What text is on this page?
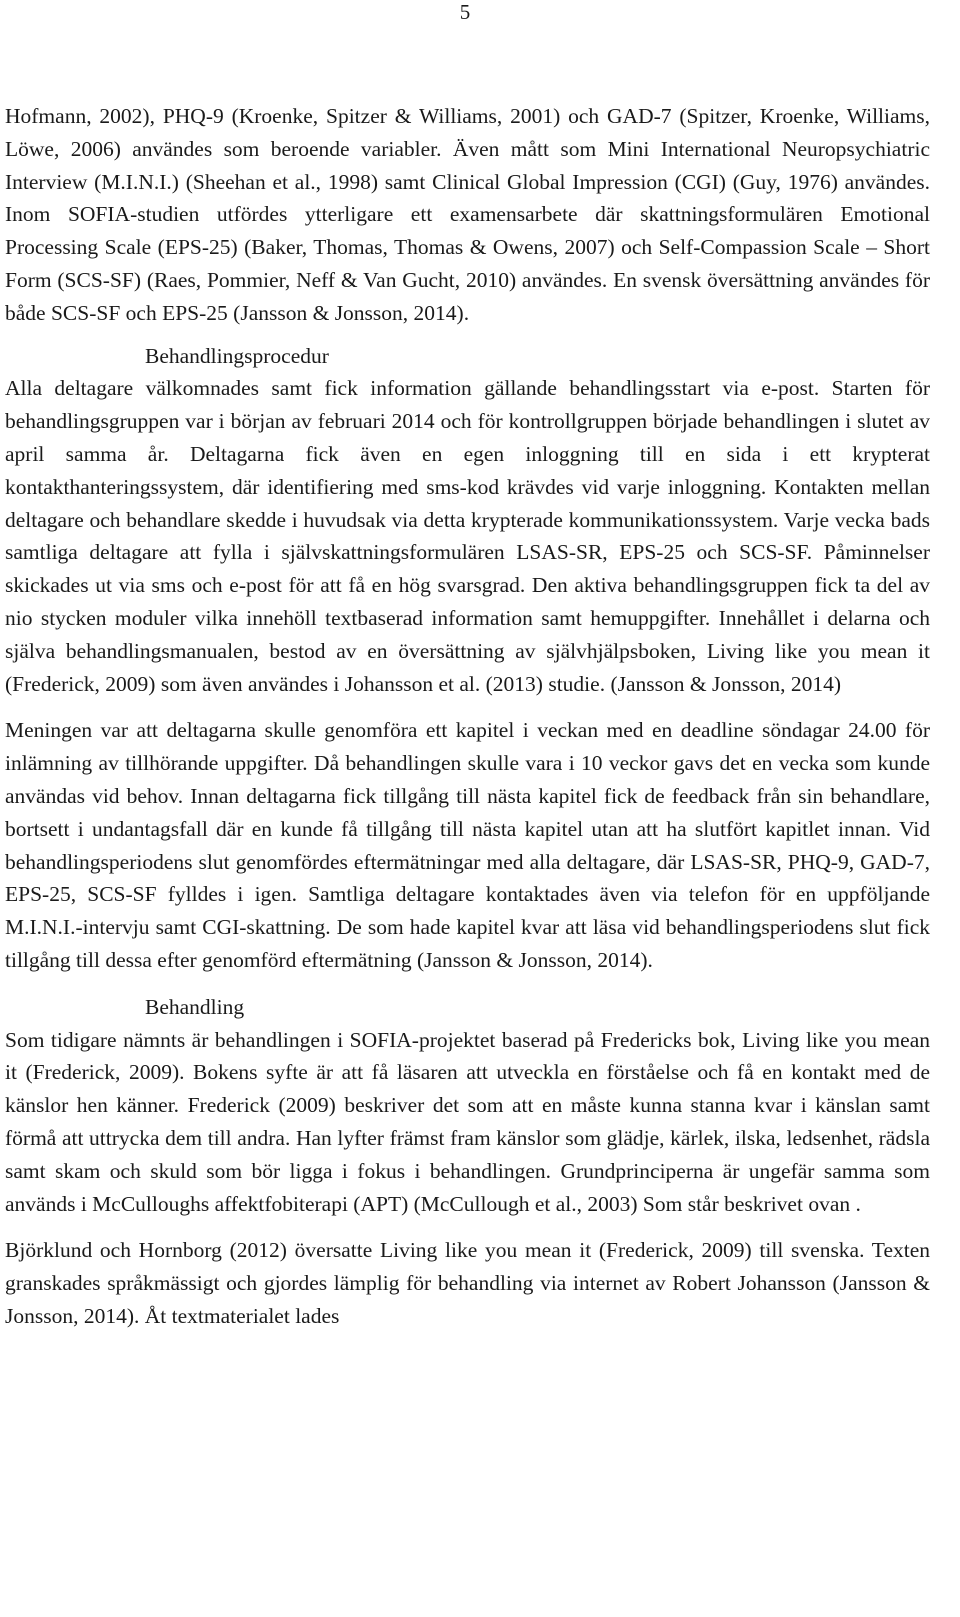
5

Hofmann, 2002), PHQ-9 (Kroenke, Spitzer & Williams, 2001) och GAD-7 (Spitzer, Kroenke, Williams, Löwe, 2006) användes som beroende variabler. Även mått som Mini International Neuropsychiatric Interview (M.I.N.I.) (Sheehan et al., 1998) samt Clinical Global Impression (CGI) (Guy, 1976) användes. Inom SOFIA-studien utfördes ytterligare ett examensarbete där skattningsformulären Emotional Processing Scale (EPS-25) (Baker, Thomas, Thomas & Owens, 2007) och Self-Compassion Scale – Short Form (SCS-SF) (Raes, Pommier, Neff & Van Gucht, 2010) användes. En svensk översättning användes för både SCS-SF och EPS-25 (Jansson & Jonsson, 2014).

Behandlingsprocedur

Alla deltagare välkomnades samt fick information gällande behandlingsstart via e-post. Starten för behandlingsgruppen var i början av februari 2014 och för kontrollgruppen började behandlingen i slutet av april samma år. Deltagarna fick även en egen inloggning till en sida i ett krypterat kontakthanteringssystem, där identifiering med sms-kod krävdes vid varje inloggning. Kontakten mellan deltagare och behandlare skedde i huvudsak via detta krypterade kommunikationssystem. Varje vecka bads samtliga deltagare att fylla i självskattningsformulären LSAS-SR, EPS-25 och SCS-SF. Påminnelser skickades ut via sms och e-post för att få en hög svarsgrad. Den aktiva behandlingsgruppen fick ta del av nio stycken moduler vilka innehöll textbaserad information samt hemuppgifter. Innehållet i delarna och själva behandlingsmanualen, bestod av en översättning av självhjälpsboken, Living like you mean it (Frederick, 2009) som även användes i Johansson et al. (2013) studie. (Jansson & Jonsson, 2014)

Meningen var att deltagarna skulle genomföra ett kapitel i veckan med en deadline söndagar 24.00 för inlämning av tillhörande uppgifter. Då behandlingen skulle vara i 10 veckor gavs det en vecka som kunde användas vid behov. Innan deltagarna fick tillgång till nästa kapitel fick de feedback från sin behandlare, bortsett i undantagsfall där en kunde få tillgång till nästa kapitel utan att ha slutfört kapitlet innan. Vid behandlingsperiodens slut genomfördes eftermätningar med alla deltagare, där LSAS-SR, PHQ-9, GAD-7, EPS-25, SCS-SF fylldes i igen. Samtliga deltagare kontaktades även via telefon för en uppföljande M.I.N.I.-intervju samt CGI-skattning. De som hade kapitel kvar att läsa vid behandlingsperiodens slut fick tillgång till dessa efter genomförd eftermätning (Jansson & Jonsson, 2014).

Behandling

Som tidigare nämnts är behandlingen i SOFIA-projektet baserad på Fredericks bok, Living like you mean it (Frederick, 2009). Bokens syfte är att få läsaren att utveckla en förståelse och få en kontakt med de känslor hen känner. Frederick (2009) beskriver det som att en måste kunna stanna kvar i känslan samt förmå att uttrycka dem till andra. Han lyfter främst fram känslor som glädje, kärlek, ilska, ledsenhet, rädsla samt skam och skuld som bör ligga i fokus i behandlingen. Grundprinciperna är ungefär samma som används i McCulloughs affektfobiterapi (APT) (McCullough et al., 2003) Som står beskrivet ovan .

Björklund och Hornborg (2012) översatte Living like you mean it (Frederick, 2009) till svenska. Texten granskades språkmässigt och gjordes lämplig för behandling via internet av Robert Johansson (Jansson & Jonsson, 2014). Åt textmaterialet lades
